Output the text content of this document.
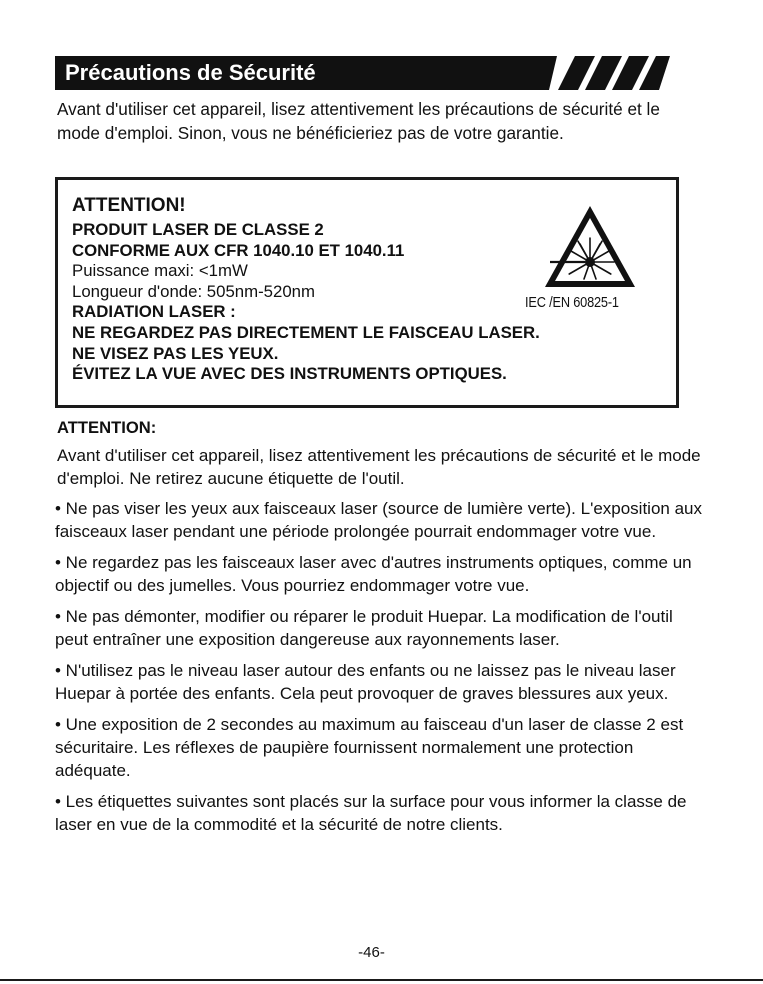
Précautions de Sécurité

Avant d'utiliser cet appareil, lisez attentivement les précautions de sécurité et le mode d'emploi. Sinon, vous ne bénéficieriez pas de votre garantie.

ATTENTION!
PRODUIT LASER DE CLASSE 2
CONFORME AUX CFR 1040.10 ET 1040.11
Puissance maxi: <1mW
Longueur d'onde: 505nm-520nm
RADIATION LASER :
NE REGARDEZ PAS DIRECTEMENT LE FAISCEAU LASER.
NE VISEZ PAS LES YEUX.
ÉVITEZ LA VUE AVEC DES INSTRUMENTS OPTIQUES.
IEC /EN 60825-1
ATTENTION:

Avant d'utiliser cet appareil, lisez attentivement les précautions de sécurité et le mode d'emploi. Ne retirez aucune étiquette de l'outil.

• Ne pas viser les yeux aux faisceaux laser (source de lumière verte). L'exposition aux faisceaux laser pendant une période prolongée pourrait endommager votre vue.

• Ne regardez pas les faisceaux laser avec d'autres instruments optiques, comme un objectif ou des jumelles. Vous pourriez endommager votre vue.

• Ne pas démonter, modifier ou réparer le produit Huepar. La modification de l'outil peut entraîner une exposition dangereuse aux rayonnements laser.

• N'utilisez pas le niveau laser autour des enfants ou ne laissez pas le niveau laser Huepar à portée des enfants. Cela peut provoquer de graves blessures aux yeux.

• Une exposition de 2 secondes au maximum au faisceau d'un laser de classe 2 est sécuritaire. Les réflexes de paupière fournissent normalement une protection adéquate.

• Les étiquettes suivantes sont placés sur la surface pour vous informer la classe de laser en vue de la commodité et la sécurité de notre clients.

-46-
